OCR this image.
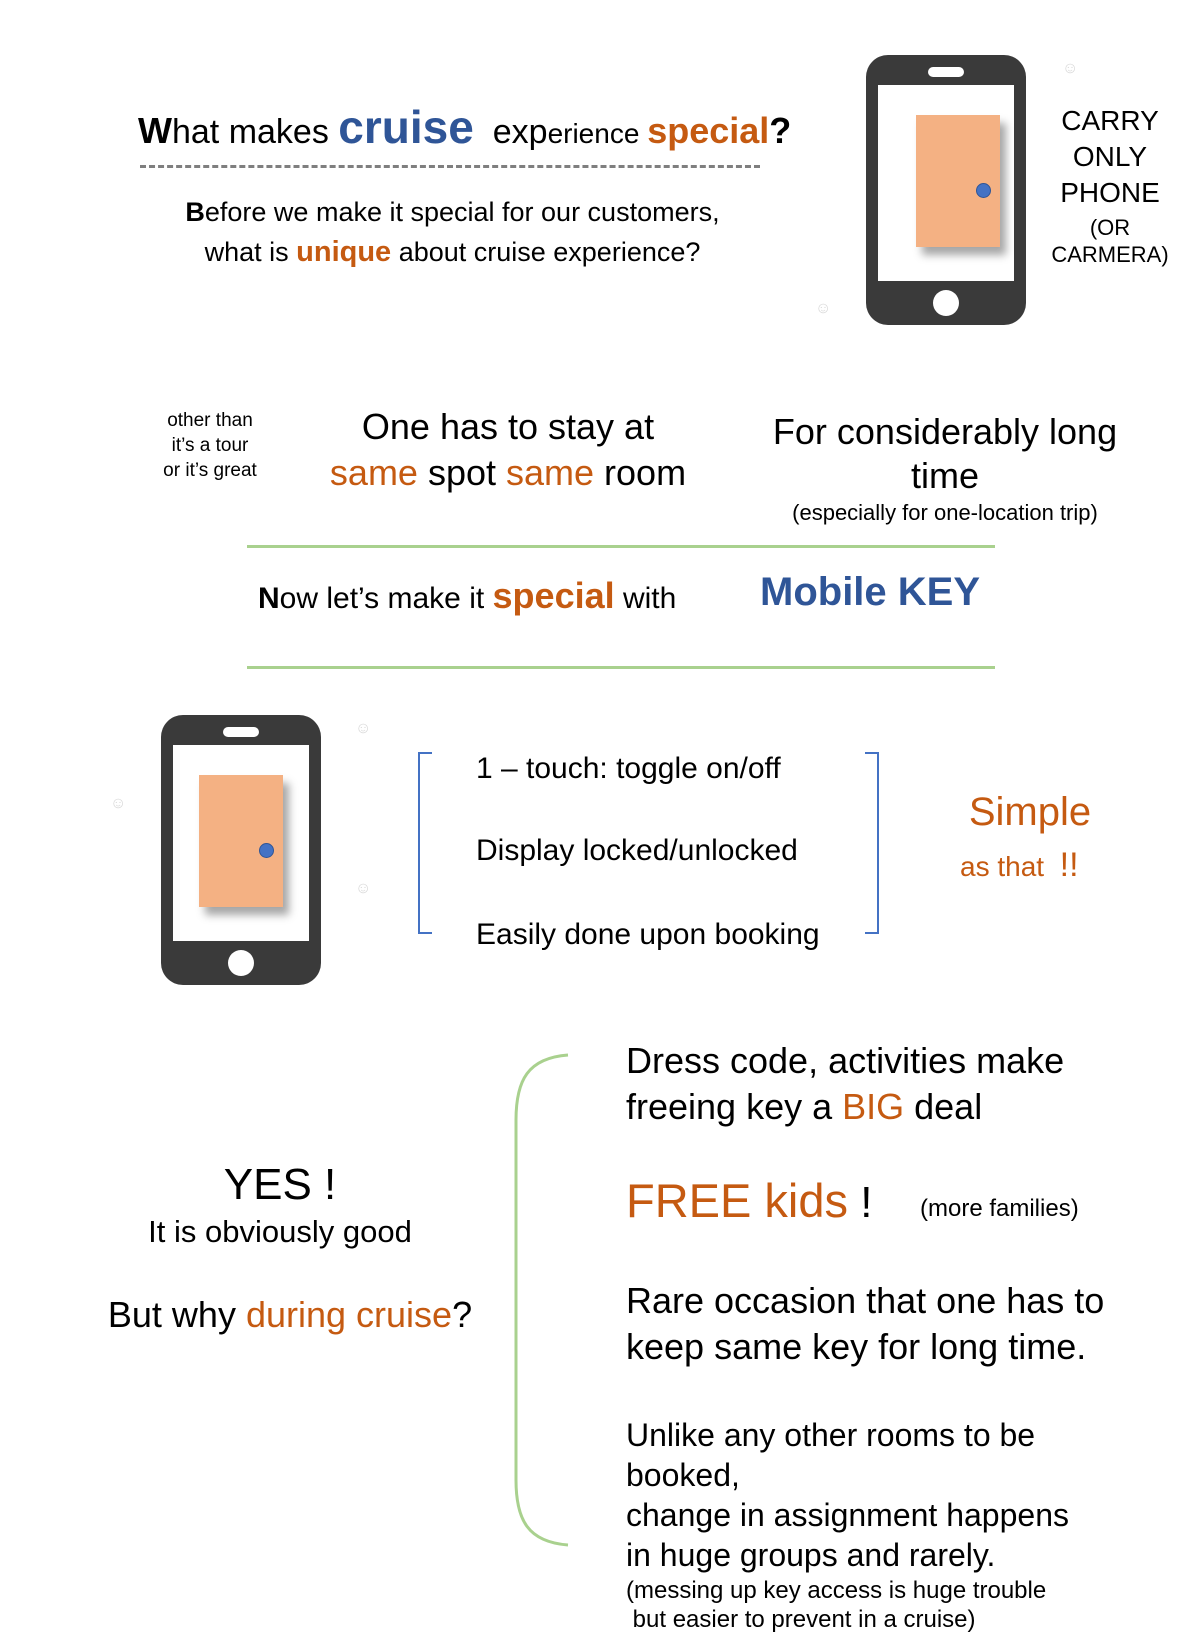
What makes cruise experience special?
Before we make it special for our customers,
what is unique about cruise experience?
☺
☺
CARRY
ONLY
PHONE
(OR
CARMERA)
other than
it’s a tour
or it’s great
One has to stay at
same spot same room
For considerably long
time
(especially for one-location trip)
Now let’s make it special with Mobile KEY
☺
☺
☺
1 – touch: toggle on/off
Display locked/unlocked
Easily done upon booking
Simple
as that !!
YES !
It is obviously good
But why during cruise?
Dress code, activities make
freeing key a BIG deal
FREE kids ! (more families)
Rare occasion that one has to
keep same key for long time.
Unlike any other rooms to be
booked,
change in assignment happens
in huge groups and rarely.
(messing up key access is huge trouble
but easier to prevent in a cruise)
